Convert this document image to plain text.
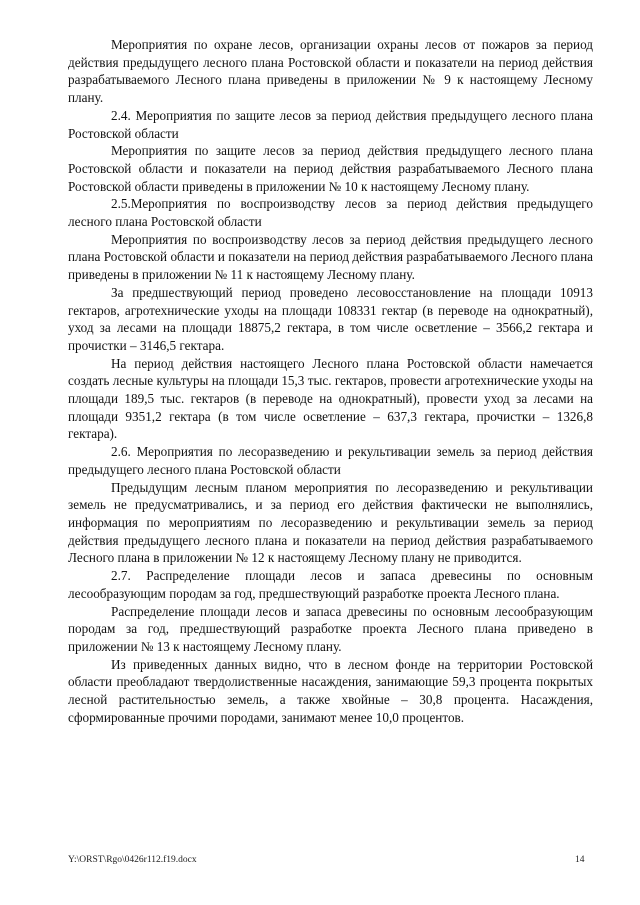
Мероприятия по охране лесов, организации охраны лесов от пожаров за период действия предыдущего лесного плана Ростовской области и показатели на период действия разрабатываемого Лесного плана приведены в приложении № 9 к настоящему Лесному плану.

2.4. Мероприятия по защите лесов за период действия предыдущего лесного плана Ростовской области

Мероприятия по защите лесов за период действия предыдущего лесного плана Ростовской области и показатели на период действия разрабатываемого Лесного плана Ростовской области приведены в приложении № 10 к настоящему Лесному плану.

2.5.Мероприятия по воспроизводству лесов за период действия предыдущего лесного плана Ростовской области

Мероприятия по воспроизводству лесов за период действия предыдущего лесного плана Ростовской области и показатели на период действия разрабатываемого Лесного плана приведены в приложении № 11 к настоящему Лесному плану.

За предшествующий период проведено лесовосстановление на площади 10913 гектаров, агротехнические уходы на площади 108331 гектар (в переводе на однократный), уход за лесами на площади 18875,2 гектара, в том числе осветление – 3566,2 гектара и прочистки – 3146,5 гектара.

На период действия настоящего Лесного плана Ростовской области намечается создать лесные культуры на площади 15,3 тыс. гектаров, провести агротехнические уходы на площади 189,5 тыс. гектаров (в переводе на однократный), провести уход за лесами на площади 9351,2 гектара (в том числе осветление – 637,3 гектара, прочистки – 1326,8 гектара).

2.6. Мероприятия по лесоразведению и рекультивации земель за период действия предыдущего лесного плана Ростовской области

Предыдущим лесным планом мероприятия по лесоразведению и рекультивации земель не предусматривались, и за период его действия фактически не выполнялись, информация по мероприятиям по лесоразведению и рекультивации земель за период действия предыдущего лесного плана и показатели на период действия разрабатываемого Лесного плана в приложении № 12 к настоящему Лесному плану не приводится.

2.7. Распределение площади лесов и запаса древесины по основным лесообразующим породам за год, предшествующий разработке проекта Лесного плана.

Распределение площади лесов и запаса древесины по основным лесообразующим породам за год, предшествующий разработке проекта Лесного плана приведено в приложении № 13 к настоящему Лесному плану.

Из приведенных данных видно, что в лесном фонде на территории Ростовской области преобладают твердолиственные насаждения, занимающие 59,3 процента покрытых лесной растительностью земель, а также хвойные – 30,8 процента. Насаждения, сформированные прочими породами, занимают менее 10,0 процентов.

Y:\ORST\Rgo\0426r112.f19.docx	14
